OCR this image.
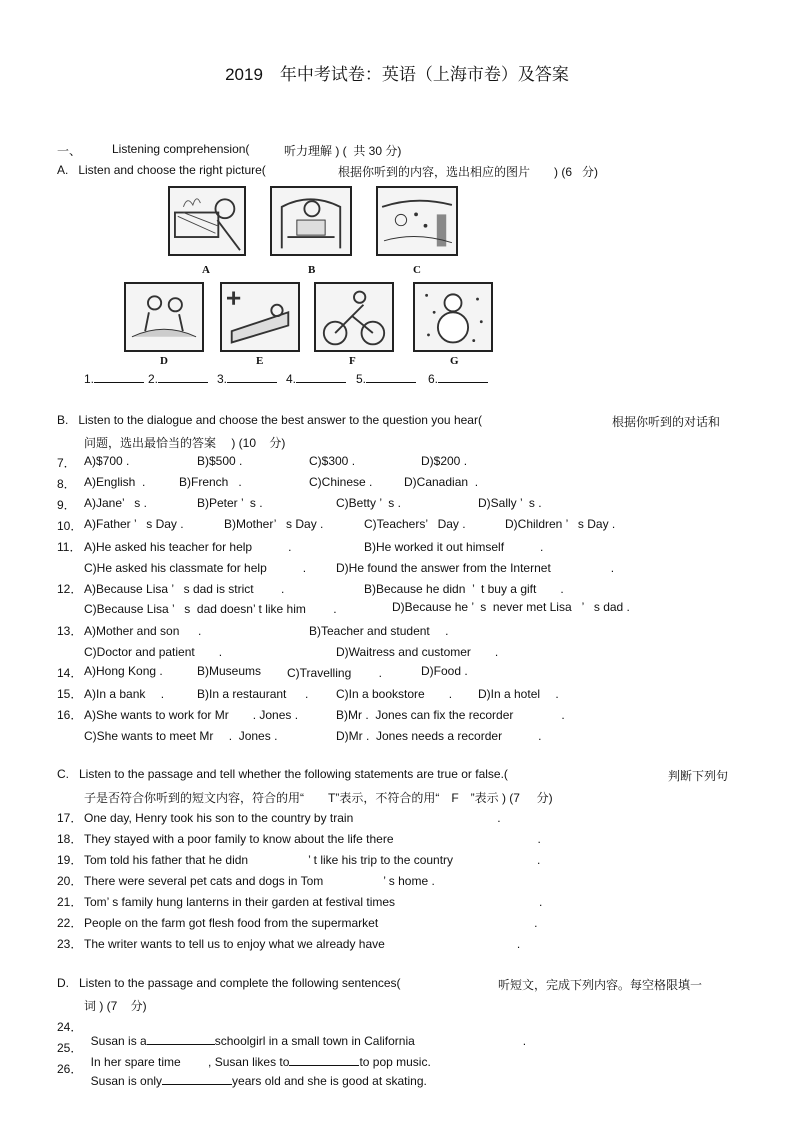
2019　年中考试卷：英语（上海市卷）及答案
一、	Listening comprehension(	听力理解 ) (  共 30 分)
A.   Listen and choose the right picture(	根据你听到的内容，选出相应的图片　　) (6   分)
A	B	C
D	E	F	G
1.	2.	3.	4.	5.	6.
B.   Listen to the dialogue and choose the best answer to the question you hear(	根据你听到的对话和
问题，选出最恰当的答案　 ) (10    分)
7． A)$700 .	B)$500 .	C)$300 .	D)$200 .
8． A)English  .	B)French   .	C)Chinese .	D)Canadian  .
9． A)Jane’   s .	B)Peter ’  s .	C)Betty ’  s .	D)Sally ’  s .
10． A)Father ’   s Day .	B)Mother’   s Day .	C)Teachers’   Day .	D)Children ’   s Day .
11． A)He asked his teacher for help　　　.	B)He worked it out himself　　　.
C)He asked his classmate for help　　　. D)He found the answer from the Internet　　　　　.
12． A)Because Lisa ’   s dad is strict　　 .	B)Because he didn  ’  t buy a gift　　.
C)Because Lisa ’   s  dad doesn’ t like him　　 .	D)Because he ’  s  never met Lisa   ’   s dad .
13． A)Mother and son　  .	B)Teacher and student　 .
C)Doctor and patient　　.	D)Waitress and customer　　.
14． A)Hong Kong .	B)Museums C)Travelling　　 .	D)Food .
15． A)In a bank　 .	B)In a restaurant　  . C)In a bookstore　　. D)In a hotel　 .
16． A)She wants to work for Mr　　. Jones .	B)Mr .  Jones can fix the recorder　　　　.
C)She wants to meet Mr　 .  Jones .	D)Mr .  Jones needs a recorder　　　.
C.   Listen to the passage and tell whether the following statements are true or false.(	判断下列句
子是否符合你听到的短文内容，符合的用“　　T”表示，不符合的用“　F　”表示 ) (7     分)
17． One day, Henry took his son to the country by train　　　　　　　　　　　　.
18． They stayed with a poor family to know about the life there　　　　　　　　　　　　.
19． Tom told his father that he didn　　　　　’ t like his trip to the country　　　　　　　.
20． There were several pet cats and dogs in Tom　　　　　’ s home .
21． Tom’ s family hung lanterns in their garden at festival times　　　　　　　　　　　　.
22． People on the farm got flesh food from the supermarket　　　　　　　　　　　　　.
23． The writer wants to tell us to enjoy what we already have　　　　　　　　　　　.
D.   Listen to the passage and complete the following sentences(	听短文，完成下列内容。每空格限填一
词 ) (7    分)
24．

Susan is a	schoolgirl in a small town in California　　　　　　　　　.

25．

In her spare time　　 , Susan likes to	to pop music.

26．

Susan is only	years old and she is good at skating.
